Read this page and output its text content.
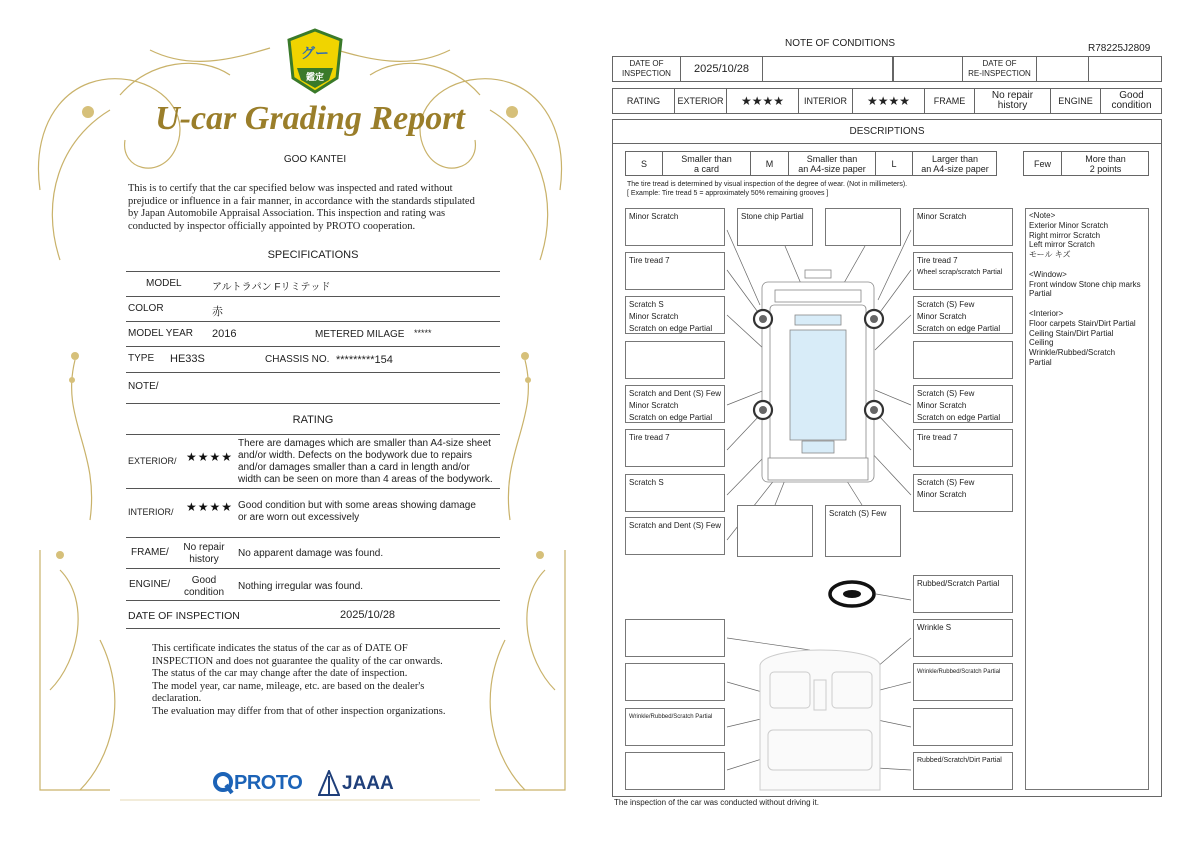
グー
鑑定
U-car Grading Report
GOO KANTEI
This is to certify that the car specified below was inspected and rated without
prejudice or influence in a fair manner, in accordance with the standards stipulated
by Japan Automobile Appraisal Association. This inspection and rating was
conducted by inspector officially appointed by PROTO cooperation.
SPECIFICATIONS
MODEL	アルトラパン Fリミテッド
COLOR	赤
MODEL YEAR 2016	METERED MILAGE *****
TYPE HE33S	CHASSIS NO. *********154
NOTE/
RATING
EXTERIOR/ ★★★★
There are damages which are smaller than A4-size sheet
and/or width. Defects on the bodywork due to repairs
and/or damages smaller than a card in length and/or
width can be seen on more than 4 areas of the bodywork.
INTERIOR/ ★★★★ Good condition but with some areas showing damage
or are worn out excessively
FRAME/	No repair
history
No apparent damage was found.
ENGINE/	Good
condition
Nothing irregular was found.
DATE OF INSPECTION	2025/10/28
This certificate indicates the status of the car as of DATE OF
INSPECTION and does not guarantee the quality of the car onwards.
The status of the car may change after the date of inspection.
The model year, car name, mileage, etc. are based on the dealer's
declaration.
The evaluation may differ from that of other inspection organizations.
PROTO JAAA
NOTE OF CONDITIONS	R78225J2809
DATE OF
INSPECTION	2025/10/28	DATE OF
RE-INSPECTION
RATING	EXTERIOR	★★★★	INTERIOR	★★★★	FRAME	No repair
history	ENGINE	Good
condition
DESCRIPTIONS
S	Smaller than
a card	M	Smaller than
an A4-size paper	L	Larger than
an A4-size paper	Few	More than
2 points
The tire tread is determined by visual inspection of the degree of wear. (Not in millimeters).
[ Example: Tire tread 5 = approximately 50% remaining grooves ]
Minor Scratch
Tire tread 7
Scratch S
Minor Scratch
Scratch on edge Partial
Scratch and Dent (S) Few
Minor Scratch
Scratch on edge Partial
Tire tread 7
Scratch S
Scratch and Dent (S) Few
Stone chip Partial
Scratch (S) Few
Minor Scratch
Tire tread 7
Wheel scrap/scratch Partial
Scratch (S) Few
Minor Scratch
Scratch on edge Partial
Scratch (S) Few
Minor Scratch
Scratch on edge Partial
Tire tread 7
Scratch (S) Few
Minor Scratch
Rubbed/Scratch Partial
Wrinkle S
Wrinkle/Rubbed/Scratch Partial
Wrinkle/Rubbed/Scratch Partial
Rubbed/Scratch/Dirt Partial
<Note>
Exterior Minor Scratch
Right mirror Scratch
Left mirror Scratch
モール キズ
<Window>
Front window Stone chip marks
Partial
<Interior>
Floor carpets Stain/Dirt Partial
Ceiling Stain/Dirt Partial
Ceiling
Wrinkle/Rubbed/Scratch
Partial
The inspection of the car was conducted without driving it.
